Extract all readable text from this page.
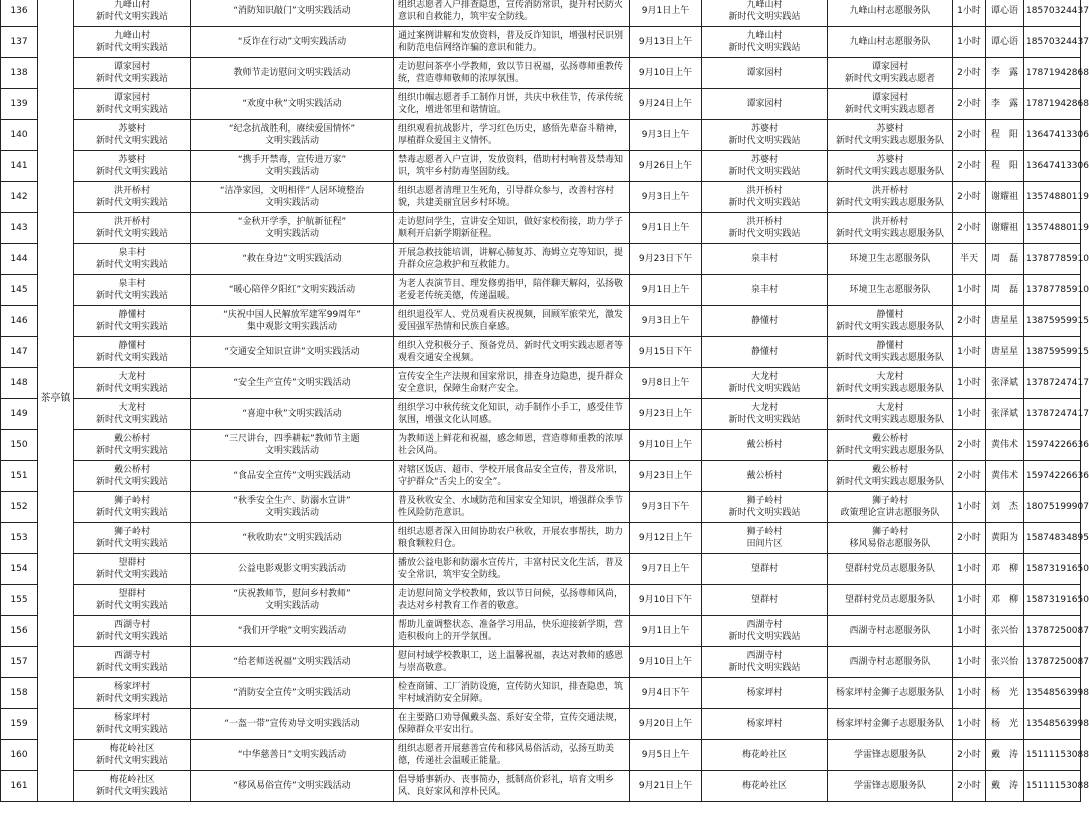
136	茶亭镇	九峰山村
新时代文明实践站	“消防知识敲门”文明实践活动	组织志愿者入户排查隐患，宣传消防常识，提升村民防火意识和自救能力，筑牢安全防线。	9月1日上午	九峰山村
新时代文明实践站	九峰山村志愿服务队	1小时	谭心语	18570324437
137		九峰山村
新时代文明实践站	“反诈在行动”文明实践活动	通过案例讲解和发放资料，普及反诈知识，增强村民识别和防范电信网络诈骗的意识和能力。	9月13日上午	九峰山村
新时代文明实践站	九峰山村志愿服务队	1小时	谭心语	18570324437
138		谭家园村
新时代文明实践站	教师节走访慰问文明实践活动	走访慰问茶亭小学教师，致以节日祝福，弘扬尊师重教传统，营造尊师敬师的浓厚氛围。	9月10日上午	谭家园村	谭家园村
新时代文明实践志愿者	2小时	李　露	17871942868
139		谭家园村
新时代文明实践站	“欢度中秋”文明实践活动	组织巾帼志愿者手工制作月饼，共庆中秋佳节，传承传统文化，增进邻里和谐情谊。	9月24日上午	谭家园村	谭家园村
新时代文明实践志愿者	2小时	李　露	17871942868
140		苏婆村
新时代文明实践站	“纪念抗战胜利，赓续爱国情怀”
文明实践活动	组织观看抗战影片，学习红色历史，感悟先辈奋斗精神，厚植群众爱国主义情怀。	9月3日上午	苏婆村
新时代文明实践站	苏婆村
新时代文明实践志愿服务队	2小时	程　阳	13647413306
141		苏婆村
新时代文明实践站	“携手开禁毒，宣传进万家”
文明实践活动	禁毒志愿者入户宣讲，发放资料，借助村村响普及禁毒知识，筑牢乡村防毒坚固防线。	9月26日上午	苏婆村
新时代文明实践站	苏婆村
新时代文明实践志愿服务队	2小时	程　阳	13647413306
142		洪开桥村
新时代文明实践站	“洁净家园，文明相伴”人居环境整治
文明实践活动	组织志愿者清理卫生死角，引导群众参与，改善村容村貌，共建美丽宜居乡村环境。	9月3日上午	洪开桥村
新时代文明实践站	洪开桥村
新时代文明实践志愿服务队	2小时	谢耀祖	13574880119
143		洪开桥村
新时代文明实践站	“金秋开学季，护航新征程”
文明实践活动	走访慰问学生，宣讲安全知识，做好家校衔接，助力学子顺利开启新学期新征程。	9月1日上午	洪开桥村
新时代文明实践站	洪开桥村
新时代文明实践志愿服务队	2小时	谢耀祖	13574880119
144		泉丰村
新时代文明实践站	“救在身边”文明实践活动	开展急救技能培训，讲解心肺复苏、海姆立克等知识，提升群众应急救护和互救能力。	9月23日下午	泉丰村	环境卫生志愿服务队	半天	周　磊	13787785910
145		泉丰村
新时代文明实践站	“暖心陪伴夕阳红”文明实践活动	为老人表演节目、理发修剪指甲，陪伴聊天解闷，弘扬敬老爱老传统美德，传递温暖。	9月1日上午	泉丰村	环境卫生志愿服务队	1小时	周　磊	13787785910
146		静懂村
新时代文明实践站	“庆祝中国人民解放军建军99周年”
集中观影文明实践活动	组织退役军人、党员观看庆祝视频，回顾军旅荣光，激发爱国强军热情和民族自豪感。	9月3日上午	静懂村	静懂村
新时代文明实践志愿服务队	2小时	唐星星	13875959915
147		静懂村
新时代文明实践站	“交通安全知识宣讲”文明实践活动	组织入党积极分子、预备党员、新时代文明实践志愿者等观看交通安全视频。	9月15日下午	静懂村	静懂村
新时代文明实践志愿服务队	1小时	唐星星	13875959915
148		大龙村
新时代文明实践站	“安全生产宣传”文明实践活动	宣传安全生产法规和国家常识，排查身边隐患，提升群众安全意识，保障生命财产安全。	9月8日上午	大龙村
新时代文明实践站	大龙村
新时代文明实践志愿服务队	1小时	张泽斌	13787247417
149		大龙村
新时代文明实践站	“喜迎中秋”文明实践活动	组织学习中秋传统文化知识，动手制作小手工，感受佳节氛围，增强文化认同感。	9月23日上午	大龙村
新时代文明实践站	大龙村
新时代文明实践志愿服务队	1小时	张泽斌	13787247417
150		戴公桥村
新时代文明实践站	“三尺讲台，四季耕耘”教师节主题
文明实践活动	为教师送上鲜花和祝福，感念师恩，营造尊师重教的浓厚社会风尚。	9月10日上午	戴公桥村	戴公桥村
新时代文明实践志愿服务队	2小时	黄伟术	15974226636
151		戴公桥村
新时代文明实践站	“食品安全宣传”文明实践活动	对辖区饭店、超市、学校开展食品安全宣传，普及常识，守护群众“舌尖上的安全”。	9月23日上午	戴公桥村	戴公桥村
新时代文明实践志愿服务队	2小时	黄伟术	15974226636
152		狮子岭村
新时代文明实践站	“秋季安全生产、防溺水宣讲”
文明实践活动	普及秋收安全、水域防范和国家安全知识，增强群众季节性风险防范意识。	9月3日下午	狮子岭村
新时代文明实践站	狮子岭村
政策理论宣讲志愿服务队	1小时	刘　杰	18075199907
153		狮子岭村
新时代文明实践站	“秋收助农”文明实践活动	组织志愿者深入田间协助农户秋收，开展农事帮扶，助力粮食颗粒归仓。	9月12日上午	狮子岭村
田间片区	狮子岭村
移风易俗志愿服务队	2小时	黄阳为	15874834895
154		望群村
新时代文明实践站	公益电影观影文明实践活动	播放公益电影和防溺水宣传片，丰富村民文化生活，普及安全常识，筑牢安全防线。	9月7日上午	望群村	望群村党员志愿服务队	1小时	邓　柳	15873191650
155		望群村
新时代文明实践站	“庆祝教师节，慰问乡村教师”
文明实践活动	走访慰问简文学校教师，致以节日问候，弘扬尊师风尚，表达对乡村教育工作者的敬意。	9月10日下午	望群村	望群村党员志愿服务队	1小时	邓　柳	15873191650
156		西湖寺村
新时代文明实践站	“我们开学啦”文明实践活动	帮助儿童调整状态、准备学习用品，快乐迎接新学期，营造积极向上的开学氛围。	9月1日上午	西湖寺村
新时代文明实践站	西湖寺村志愿服务队	1小时	张兴怡	13787250087
157		西湖寺村
新时代文明实践站	“给老师送祝福”文明实践活动	慰问村域学校教职工，送上温馨祝福，表达对教师的感恩与崇高敬意。	9月10日上午	西湖寺村
新时代文明实践站	西湖寺村志愿服务队	1小时	张兴怡	13787250087
158		杨家坪村
新时代文明实践站	“消防安全宣传”文明实践活动	检查商铺、工厂消防设施，宣传防火知识，排查隐患，筑牢村域消防安全屏障。	9月4日下午	杨家坪村	杨家坪村金狮子志愿服务队	1小时	杨　光	13548563998
159		杨家坪村
新时代文明实践站	“一盔一带”宣传劝导文明实践活动	在主要路口劝导佩戴头盔、系好安全带，宣传交通法规，保障群众平安出行。	9月20日上午	杨家坪村	杨家坪村金狮子志愿服务队	1小时	杨　光	13548563998
160		梅花岭社区
新时代文明实践站	“中华慈善日”文明实践活动	组织志愿者开展慈善宣传和移风易俗活动，弘扬互助美德，传递社会温暖正能量。	9月5日上午	梅花岭社区	学雷锋志愿服务队	2小时	戴　涛	15111153088
161		梅花岭社区
新时代文明实践站	“移风易俗宣传”文明实践活动	倡导婚事新办、丧事简办，抵制高价彩礼，培育文明乡风、良好家风和淳朴民风。	9月21日上午	梅花岭社区	学雷锋志愿服务队	2小时	戴　涛	15111153088
